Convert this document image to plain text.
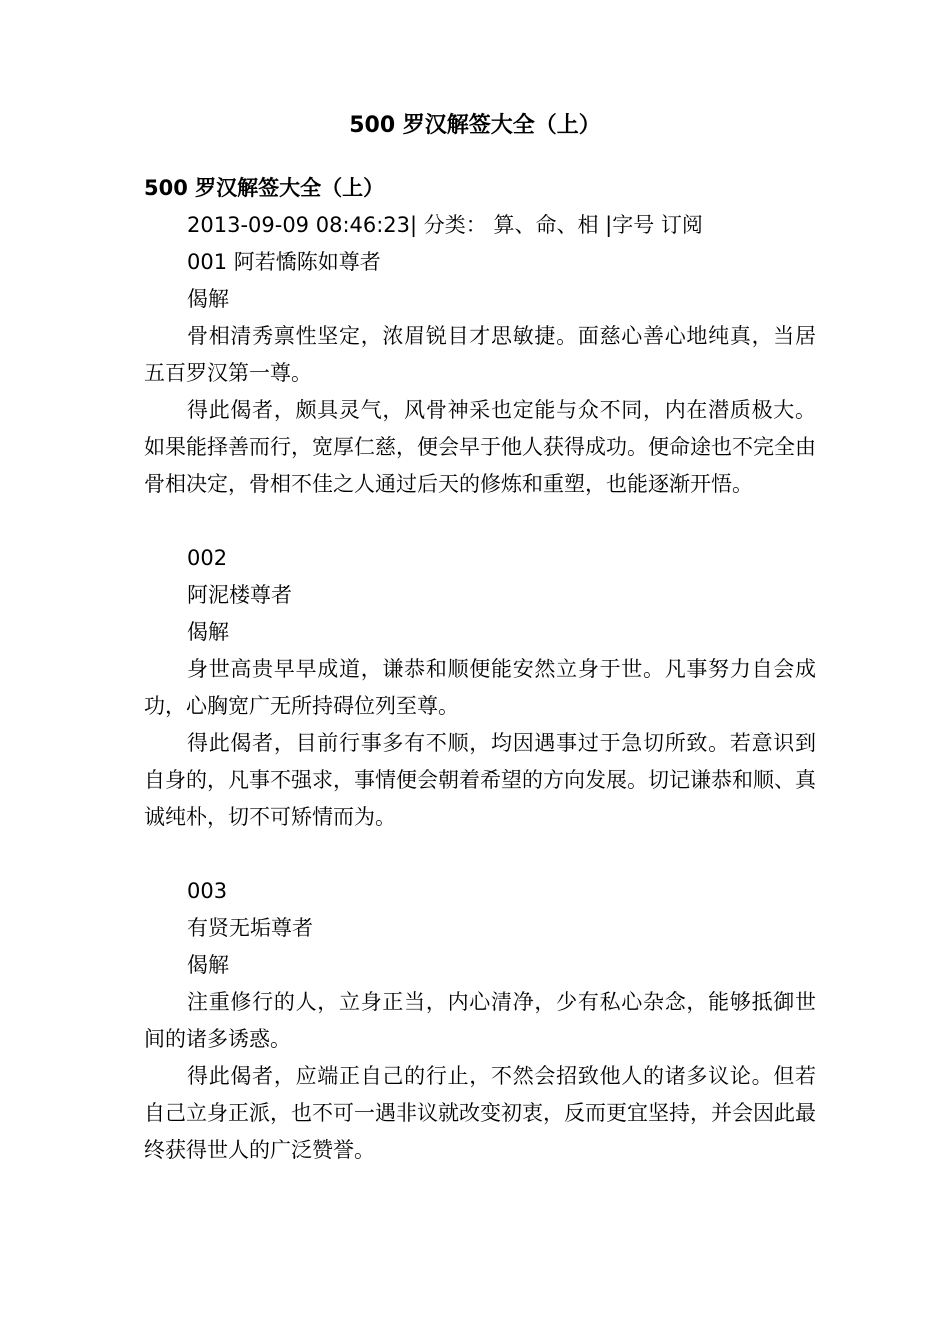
500 罗汉解签大全（上）

500 罗汉解签大全（上）

2013-09-09 08:46:23| 分类： 算、命、相 |字号 订阅

001 阿若憍陈如尊者

偈解

骨相清秀禀性坚定，浓眉锐目才思敏捷。面慈心善心地纯真，当居五百罗汉第一尊。

得此偈者，颇具灵气，风骨神采也定能与众不同，内在潜质极大。如果能择善而行，宽厚仁慈，便会早于他人获得成功。便命途也不完全由骨相决定，骨相不佳之人通过后天的修炼和重塑，也能逐渐开悟。

002

阿泥楼尊者

偈解

身世高贵早早成道，谦恭和顺便能安然立身于世。凡事努力自会成功，心胸宽广无所持碍位列至尊。

得此偈者，目前行事多有不顺，均因遇事过于急切所致。若意识到自身的，凡事不强求，事情便会朝着希望的方向发展。切记谦恭和顺、真诚纯朴，切不可矫情而为。

003

有贤无垢尊者

偈解

注重修行的人，立身正当，内心清净，少有私心杂念，能够抵御世间的诸多诱惑。

得此偈者，应端正自己的行止，不然会招致他人的诸多议论。但若自己立身正派，也不可一遇非议就改变初衷，反而更宜坚持，并会因此最终获得世人的广泛赞誉。
